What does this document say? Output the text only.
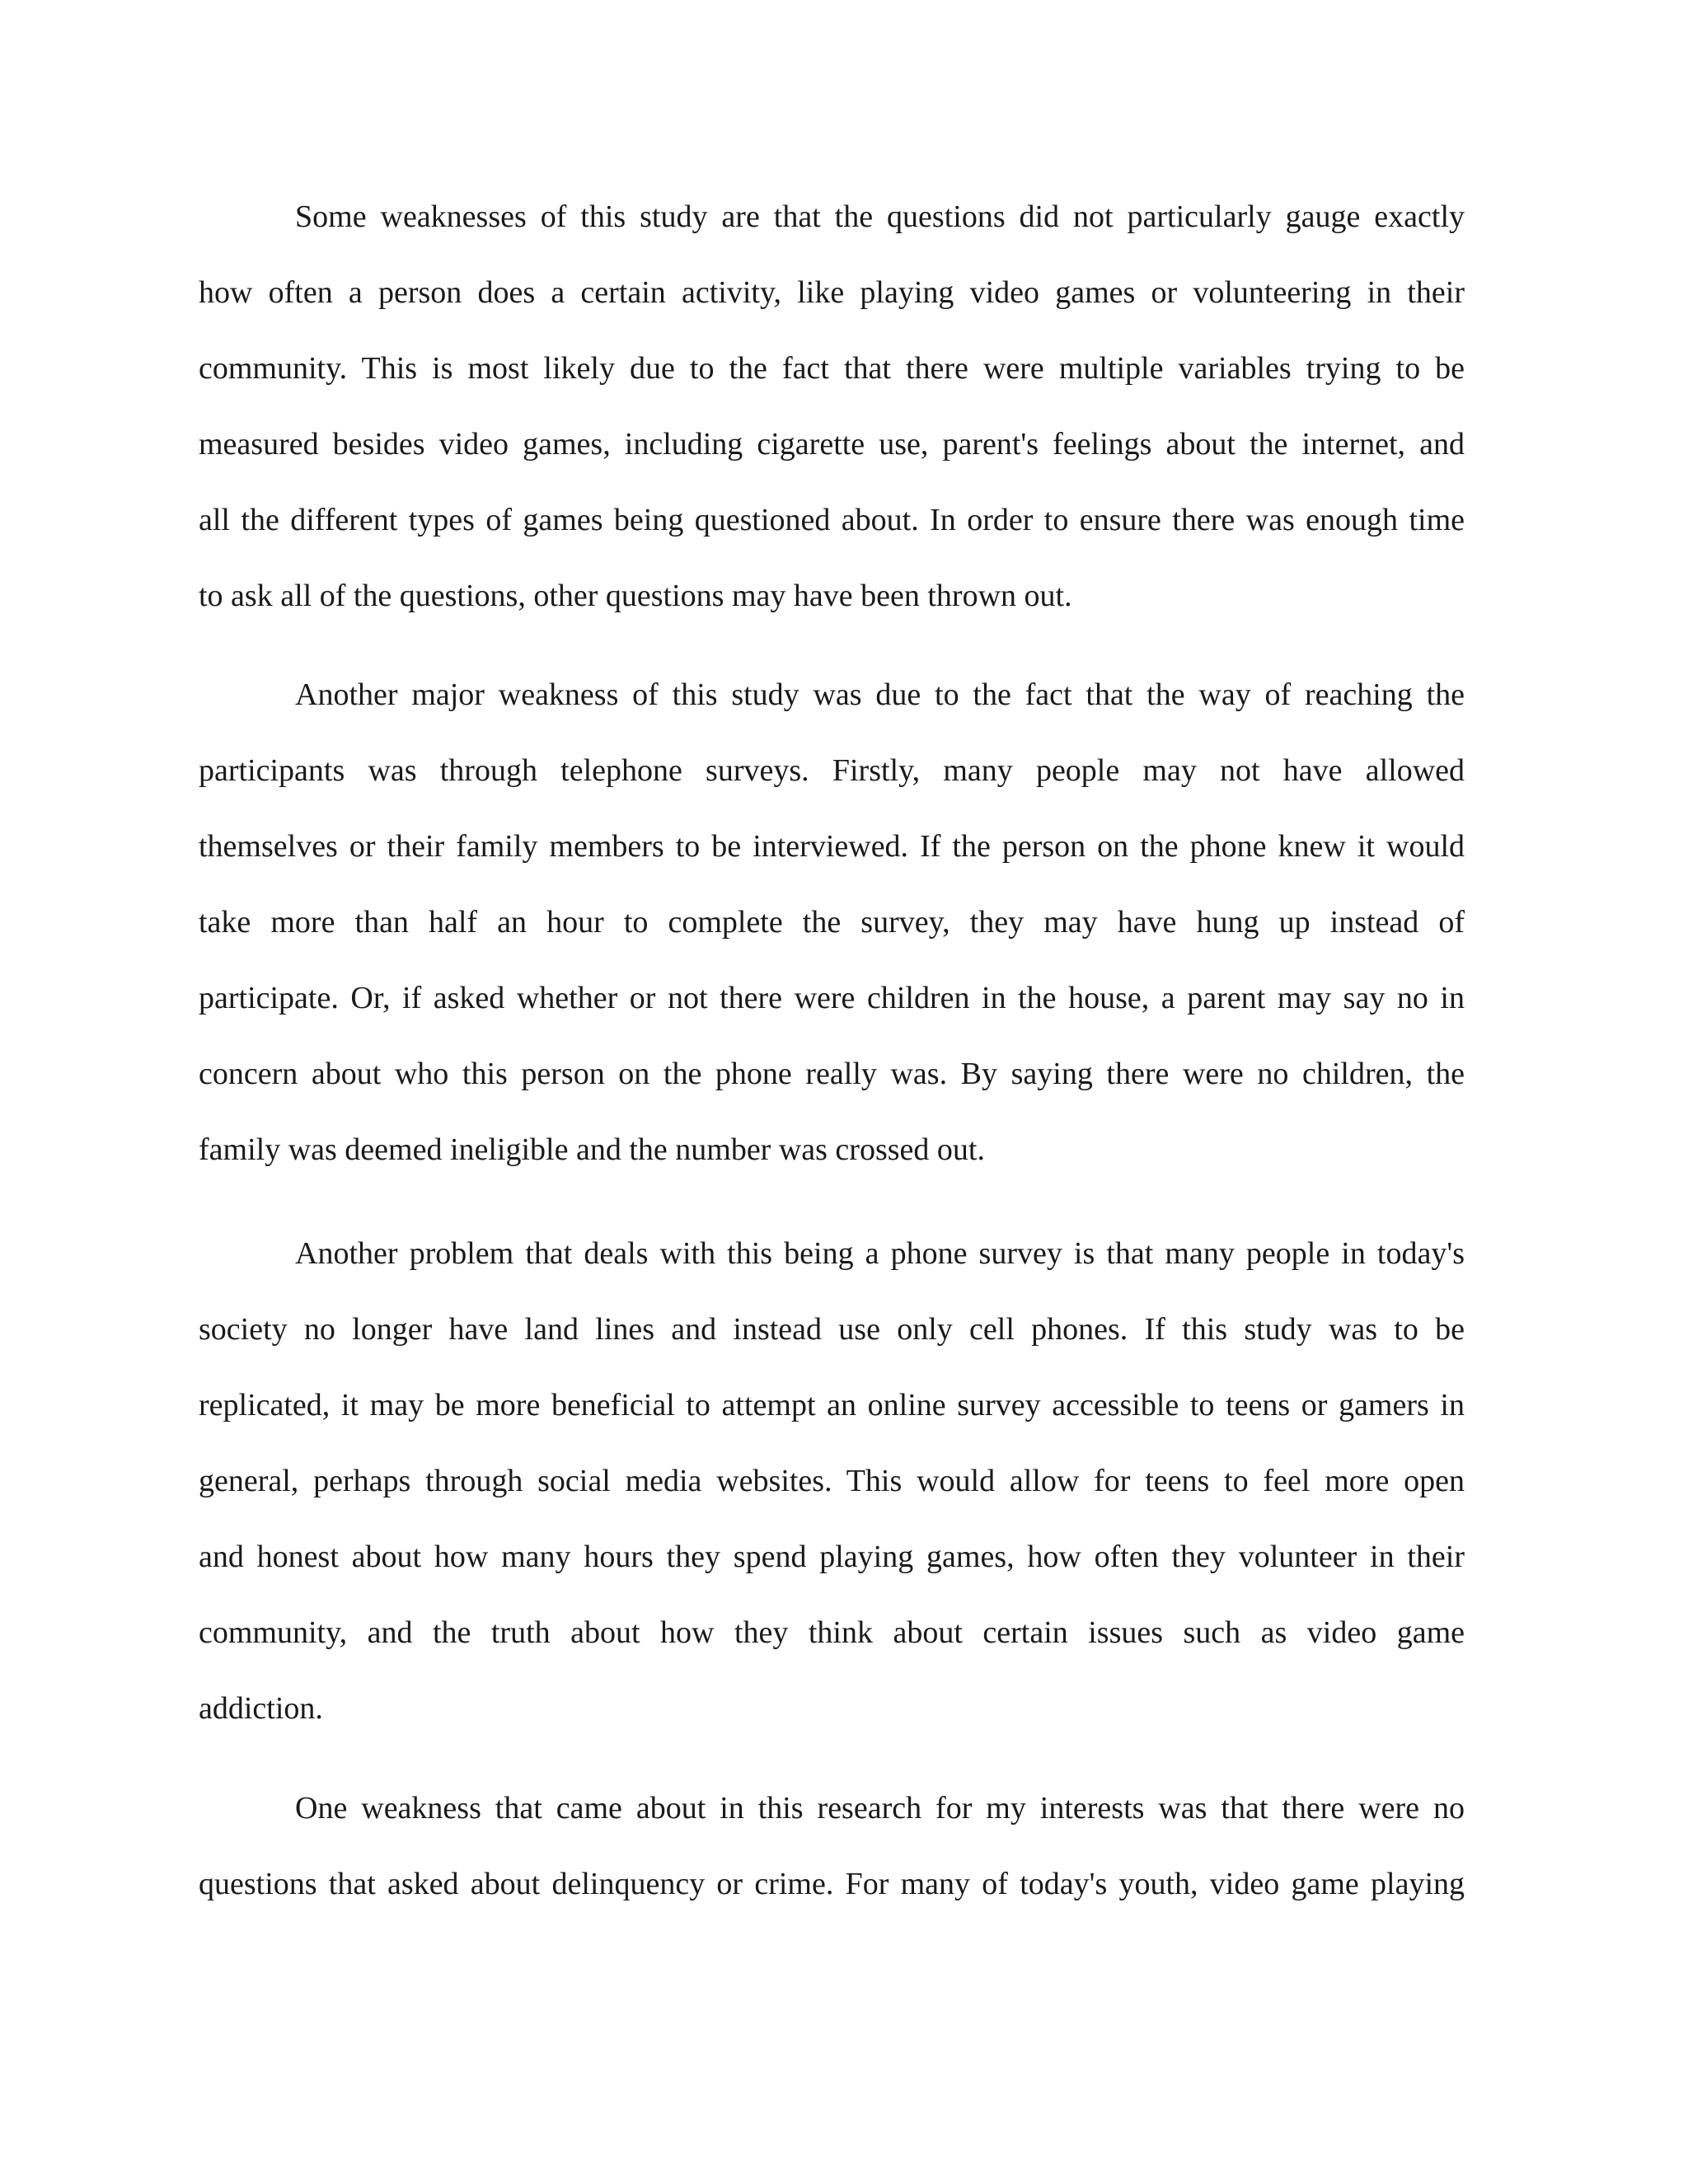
Some weaknesses of this study are that the questions did not particularly gauge exactly

how often a person does a certain activity, like playing video games or volunteering in their

community. This is most likely due to the fact that there were multiple variables trying to be

measured besides video games, including cigarette use, parent's feelings about the internet, and

all the different types of games being questioned about. In order to ensure there was enough time

to ask all of the questions, other questions may have been thrown out.

Another major weakness of this study was due to the fact that the way of reaching the

participants was through telephone surveys. Firstly, many people may not have allowed

themselves or their family members to be interviewed. If the person on the phone knew it would

take more than half an hour to complete the survey, they may have hung up instead of

participate. Or, if asked whether or not there were children in the house, a parent may say no in

concern about who this person on the phone really was. By saying there were no children, the

family was deemed ineligible and the number was crossed out.

Another problem that deals with this being a phone survey is that many people in today's

society no longer have land lines and instead use only cell phones. If this study was to be

replicated, it may be more beneficial to attempt an online survey accessible to teens or gamers in

general, perhaps through social media websites. This would allow for teens to feel more open

and honest about how many hours they spend playing games, how often they volunteer in their

community, and the truth about how they think about certain issues such as video game

addiction.

One weakness that came about in this research for my interests was that there were no

questions that asked about delinquency or crime. For many of today's youth, video game playing
